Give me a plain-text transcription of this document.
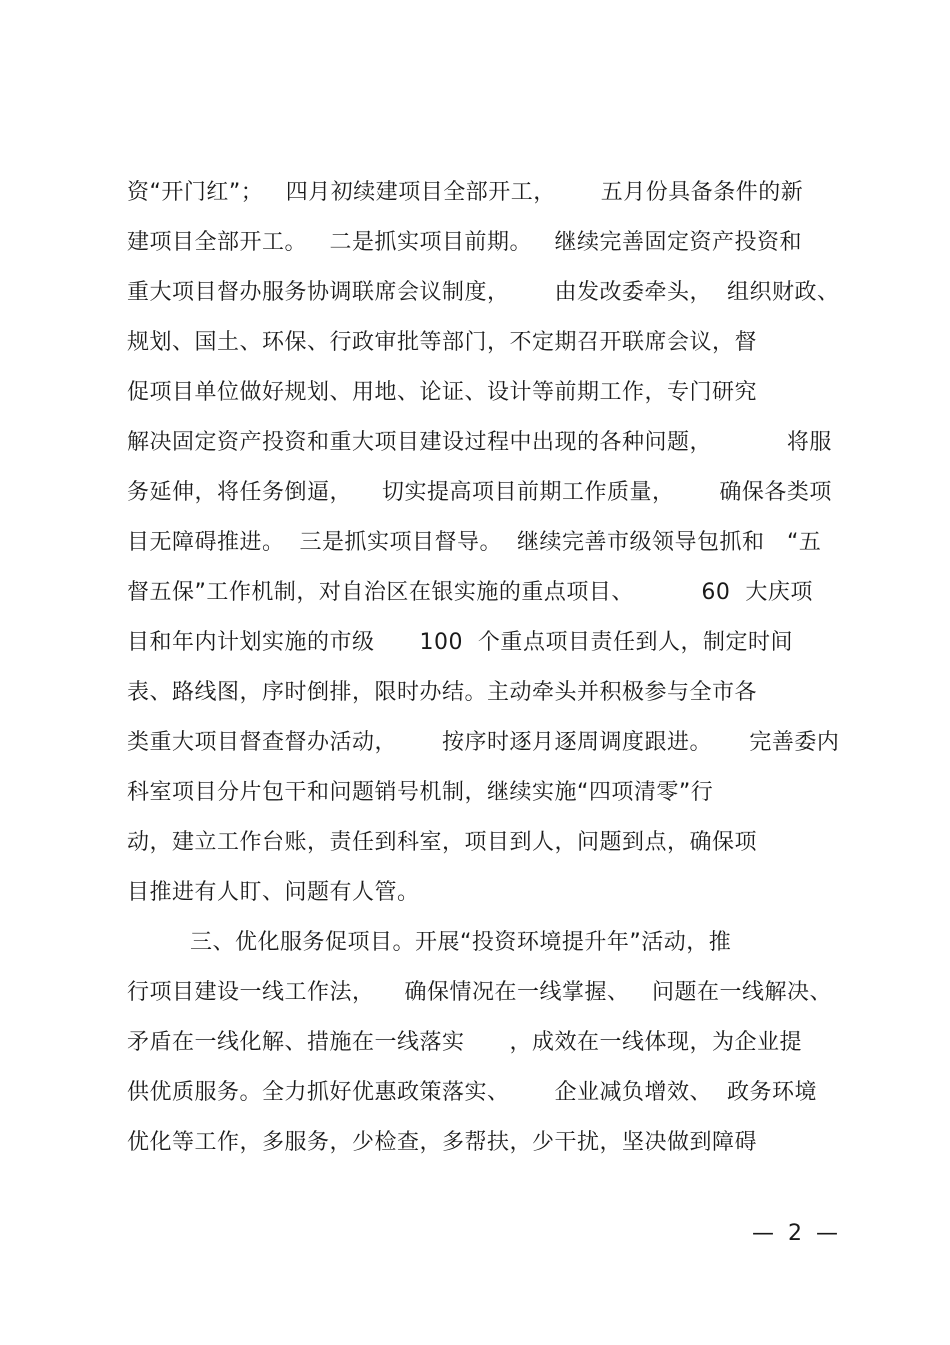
资“开门红”；   四月初续建项目全部开工，      五月份具备条件的新
建项目全部开工。   二是抓实项目前期。   继续完善固定资产投资和
重大项目督办服务协调联席会议制度，      由发改委牵头，  组织财政、
规划、国土、环保、行政审批等部门，不定期召开联席会议，督
促项目单位做好规划、用地、论证、设计等前期工作，专门研究
解决固定资产投资和重大项目建设过程中出现的各种问题，          将服
务延伸，将任务倒逼，    切实提高项目前期工作质量，      确保各类项
目无障碍推进。  三是抓实项目督导。  继续完善市级领导包抓和   “五
督五保”工作机制，对自治区在银实施的重点项目、         60  大庆项
目和年内计划实施的市级      100  个重点项目责任到人，制定时间
表、路线图，序时倒排，限时办结。主动牵头并积极参与全市各
类重大项目督查督办活动，      按序时逐月逐周调度跟进。     完善委内
科室项目分片包干和问题销号机制，继续实施“四项清零”行
动，建立工作台账，责任到科室，项目到人，问题到点，确保项
目推进有人盯、问题有人管。
三、优化服务促项目。开展“投资环境提升年”活动，推
行项目建设一线工作法，    确保情况在一线掌握、   问题在一线解决、
矛盾在一线化解、措施在一线落实      ，成效在一线体现，为企业提
供优质服务。全力抓好优惠政策落实、      企业减负增效、  政务环境
优化等工作，多服务，少检查，多帮扶，少干扰，坚决做到障碍
—  2  —
